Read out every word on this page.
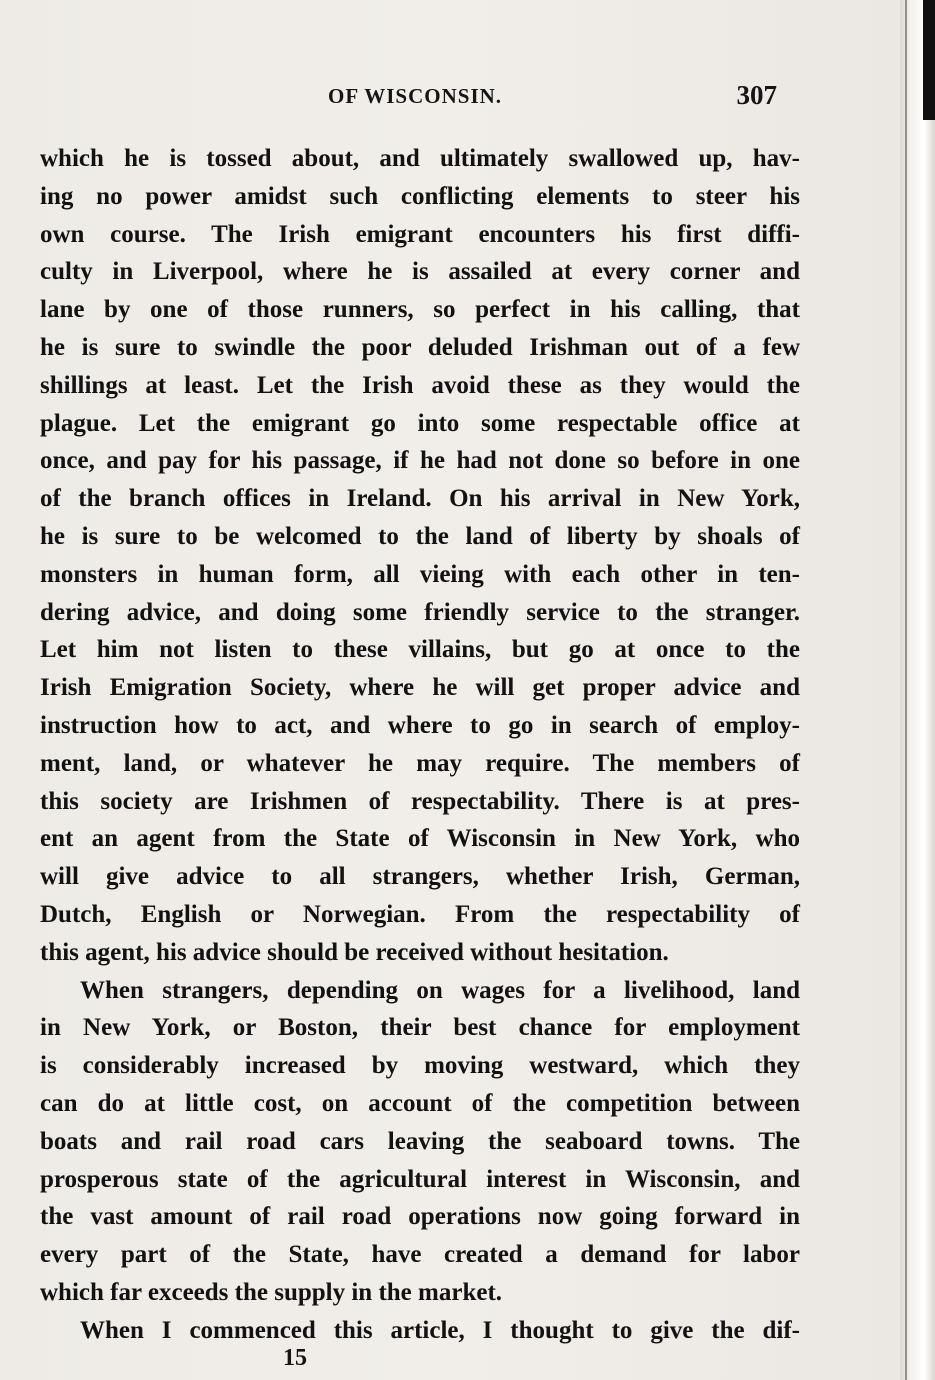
OF WISCONSIN.	307
which he is tossed about, and ultimately swallowed up, hav-
ing no power amidst such conflicting elements to steer his
own course. The Irish emigrant encounters his first diffi-
culty in Liverpool, where he is assailed at every corner and
lane by one of those runners, so perfect in his calling, that
he is sure to swindle the poor deluded Irishman out of a few
shillings at least. Let the Irish avoid these as they would the
plague. Let the emigrant go into some respectable office at
once, and pay for his passage, if he had not done so before in one
of the branch offices in Ireland. On his arrival in New York,
he is sure to be welcomed to the land of liberty by shoals of
monsters in human form, all vieing with each other in ten-
dering advice, and doing some friendly service to the stranger.
Let him not listen to these villains, but go at once to the
Irish Emigration Society, where he will get proper advice and
instruction how to act, and where to go in search of employ-
ment, land, or whatever he may require. The members of
this society are Irishmen of respectability. There is at pres-
ent an agent from the State of Wisconsin in New York, who
will give advice to all strangers, whether Irish, German,
Dutch, English or Norwegian. From the respectability of
this agent, his advice should be received without hesitation.
When strangers, depending on wages for a livelihood, land
in New York, or Boston, their best chance for employment
is considerably increased by moving westward, which they
can do at little cost, on account of the competition between
boats and rail road cars leaving the seaboard towns. The
prosperous state of the agricultural interest in Wisconsin, and
the vast amount of rail road operations now going forward in
every part of the State, have created a demand for labor
which far exceeds the supply in the market.
When I commenced this article, I thought to give the dif-
15
